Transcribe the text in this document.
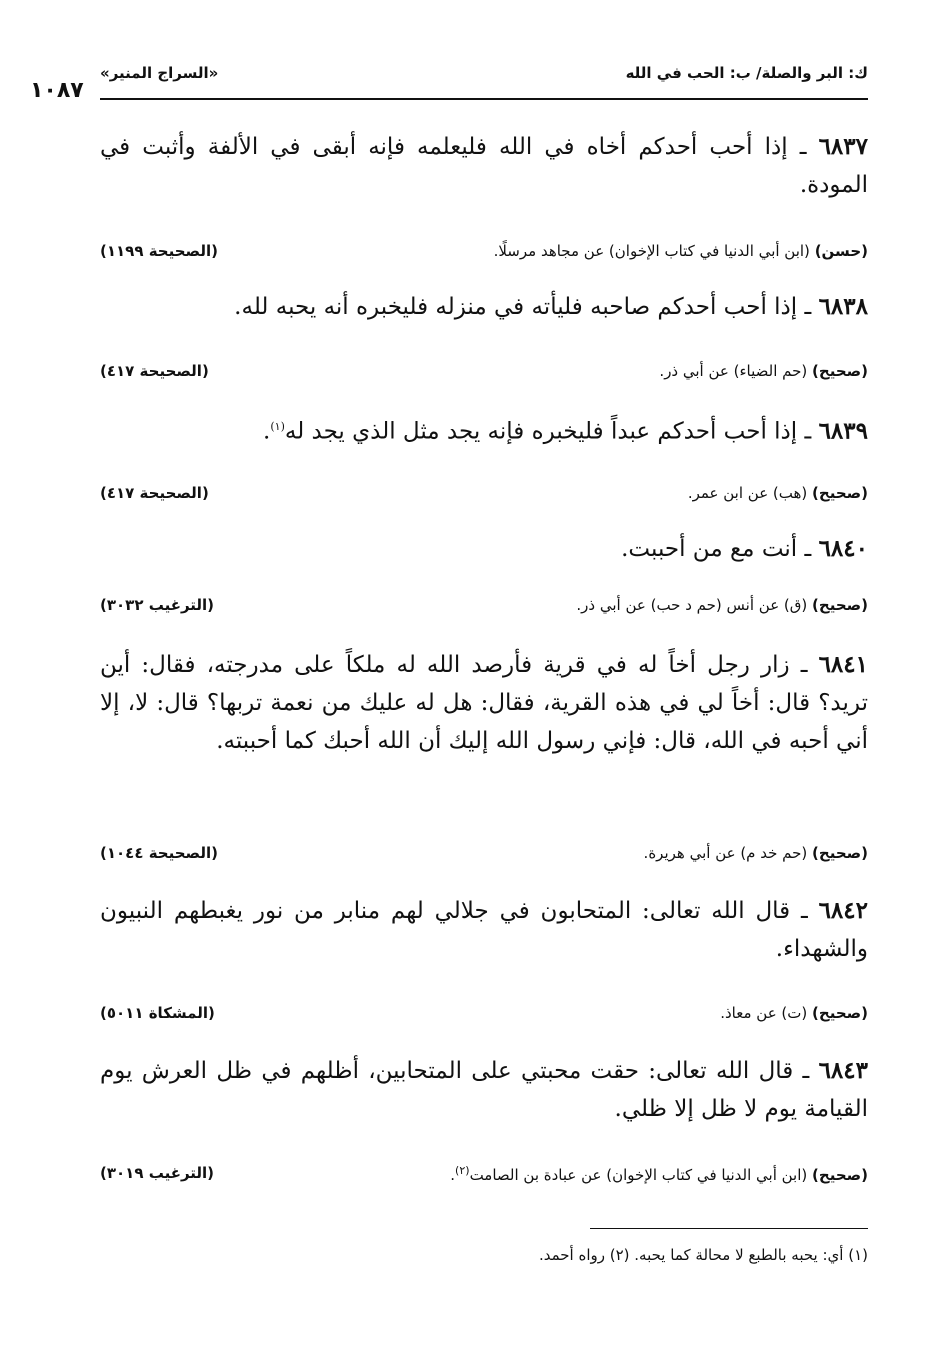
ك: البر والصلة/ ب: الحب في الله
«السراج المنير»
١٠٨٧
٦٨٣٧ ـ إذا أحب أحدكم أخاه في الله فليعلمه فإنه أبقى في الألفة وأثبت في المودة.
(حسن) (ابن أبي الدنيا في كتاب الإخوان) عن مجاهد مرسلًا.
(الصحيحة ١١٩٩)
٦٨٣٨ ـ إذا أحب أحدكم صاحبه فليأته في منزله فليخبره أنه يحبه لله.
(صحيح) (حم الضياء) عن أبي ذر.
(الصحيحة ٤١٧)
٦٨٣٩ ـ إذا أحب أحدكم عبداً فليخبره فإنه يجد مثل الذي يجد له$^{(١)}$.
(صحيح) (هب) عن ابن عمر.
(الصحيحة ٤١٧)
٦٨٤٠ ـ أنت مع من أحببت.
(صحيح) (ق) عن أنس (حم د حب) عن أبي ذر.
(الترغيب ٣٠٣٢)
٦٨٤١ ـ زار رجل أخاً له في قرية فأرصد الله له ملكاً على مدرجته، فقال: أين تريد؟ قال: أخاً لي في هذه القرية، فقال: هل له عليك من نعمة تربها؟ قال: لا، إلا أني أحبه في الله، قال: فإني رسول الله إليك أن الله أحبك كما أحببته.
(صحيح) (حم خد م) عن أبي هريرة.
(الصحيحة ١٠٤٤)
٦٨٤٢ ـ قال الله تعالى: المتحابون في جلالي لهم منابر من نور يغبطهم النبيون والشهداء.
(صحيح) (ت) عن معاذ.
(المشكاة ٥٠١١)
٦٨٤٣ ـ قال الله تعالى: حقت محبتي على المتحابين، أظلهم في ظل العرش يوم القيامة يوم لا ظل إلا ظلي.
(صحيح) (ابن أبي الدنيا في كتاب الإخوان) عن عبادة بن الصامت$^{(٢)}$.
(الترغيب ٣٠١٩)
(١) أي: يحبه بالطبع لا محالة كما يحبه. (٢) رواه أحمد.
